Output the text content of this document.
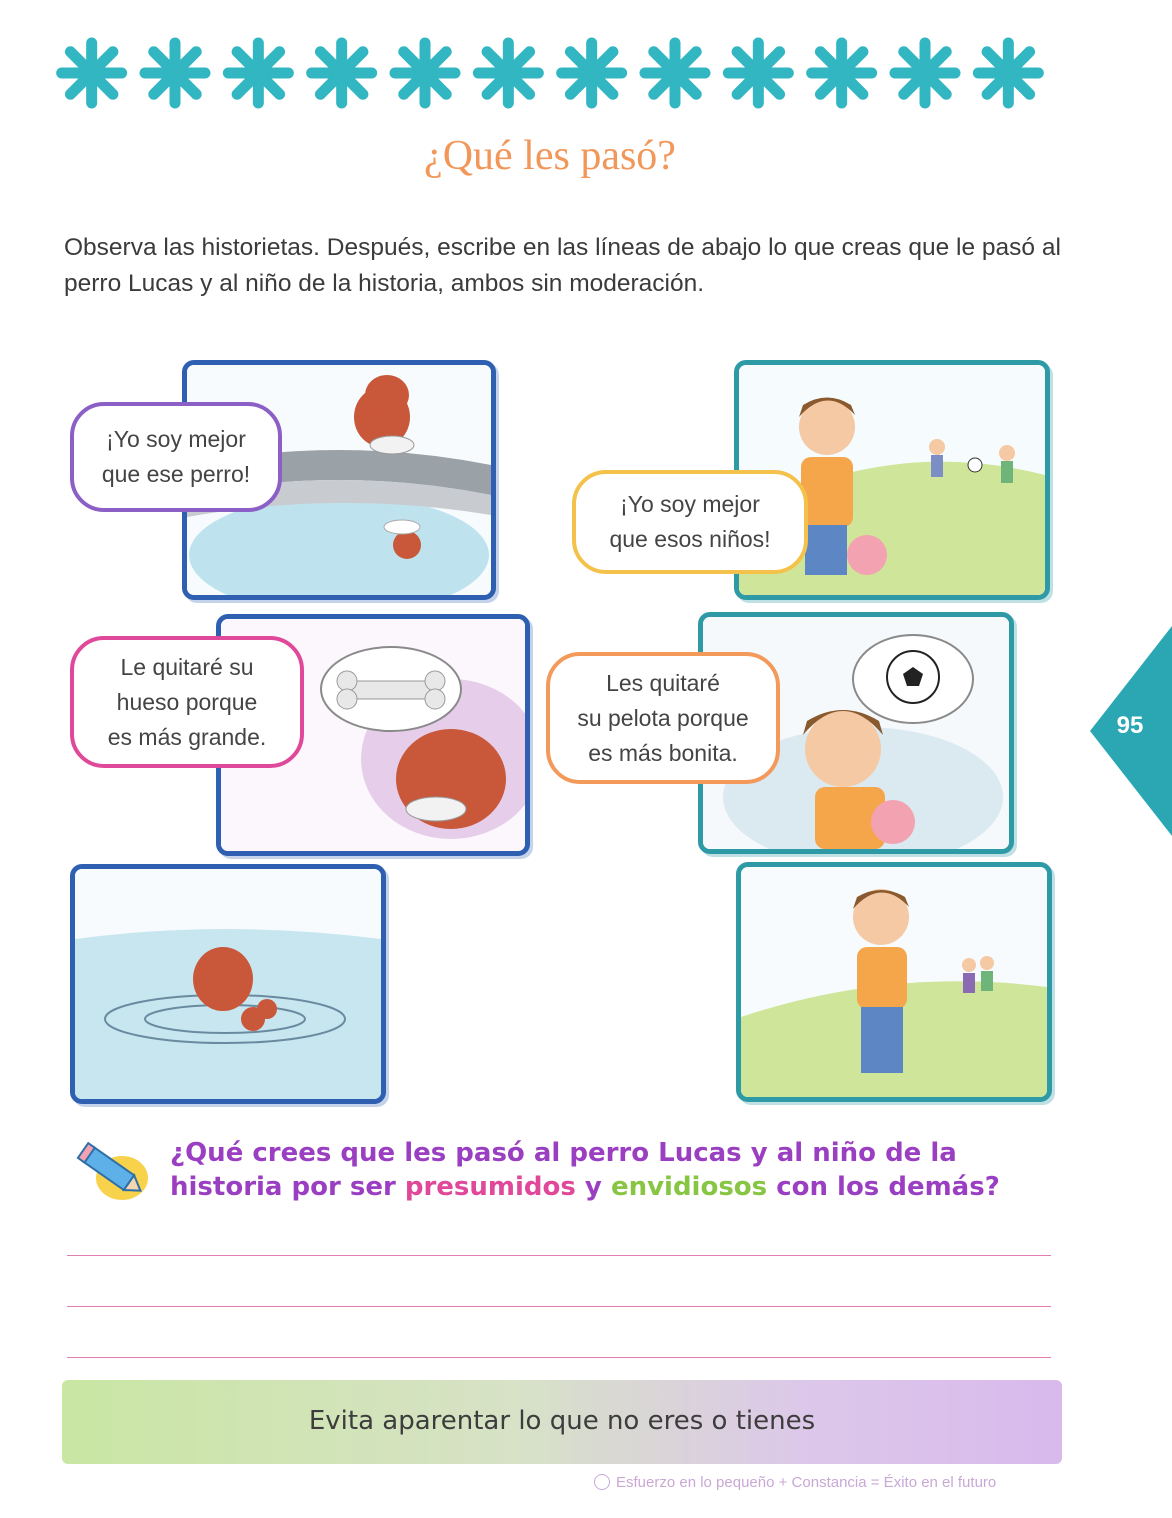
¿Qué les pasó?
Observa las historietas. Después, escribe en las líneas de abajo lo que creas que le pasó al perro Lucas y al niño de la historia, ambos sin moderación.
¡Yo soy mejor
que ese perro!
¡Yo soy mejor
que esos niños!
Le quitaré su
hueso porque
es más grande.
Les quitaré
su pelota porque
es más bonita.
95
¿Qué crees que les pasó al perro Lucas y al niño de la historia por ser presumidos y envidiosos con los demás?
Evita aparentar lo que no eres o tienes
Esfuerzo en lo pequeño + Constancia = Éxito en el futuro
